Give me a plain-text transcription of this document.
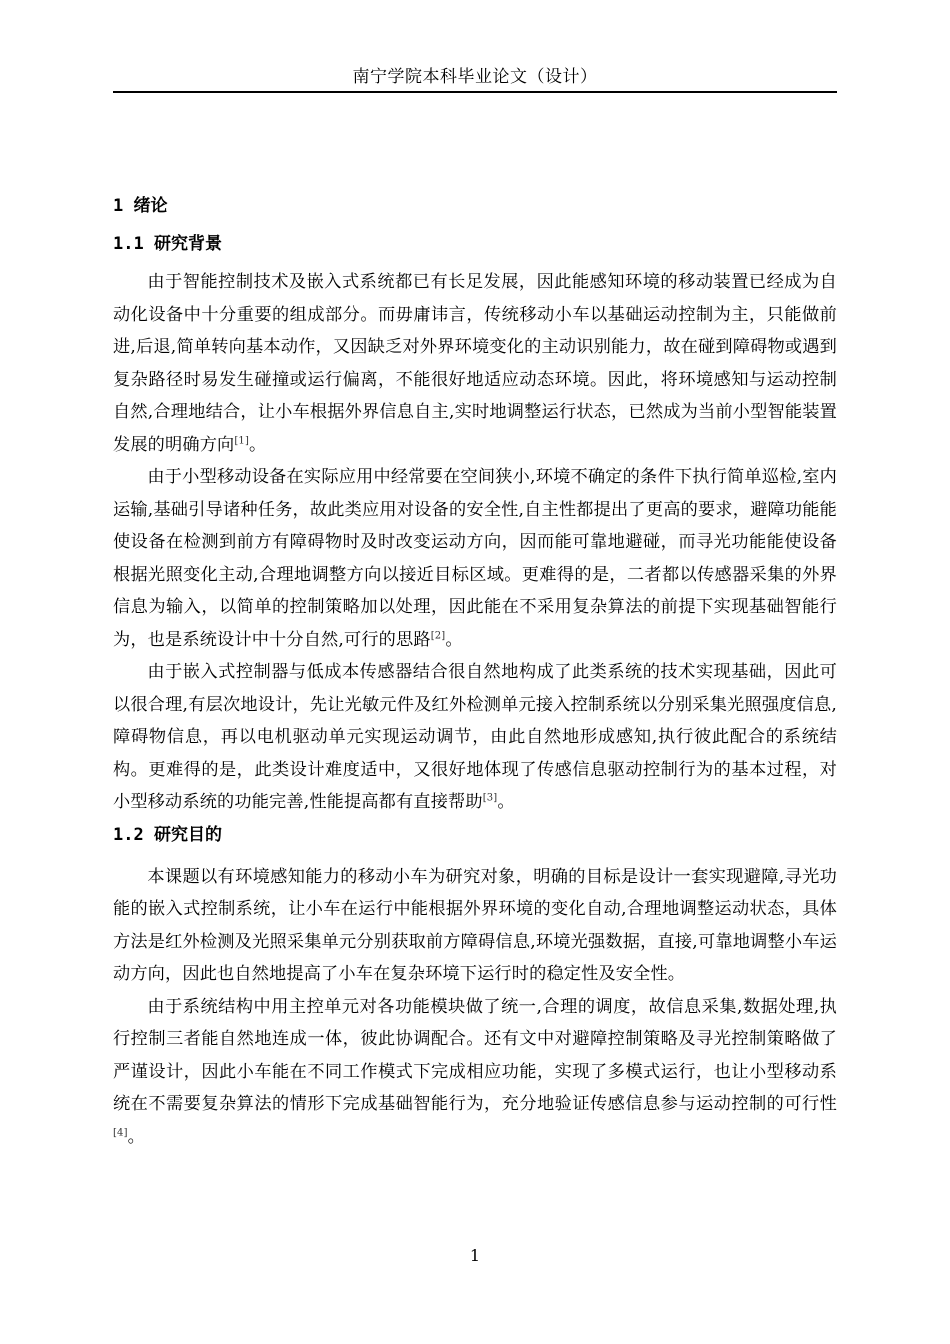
南宁学院本科毕业论文（设计）

1 绪论

1.1 研究背景

由于智能控制技术及嵌入式系统都已有长足发展，因此能感知环境的移动装置已经成为自动化设备中十分重要的组成部分。而毋庸讳言，传统移动小车以基础运动控制为主，只能做前进,后退,简单转向基本动作，又因缺乏对外界环境变化的主动识别能力，故在碰到障碍物或遇到复杂路径时易发生碰撞或运行偏离，不能很好地适应动态环境。因此，将环境感知与运动控制自然,合理地结合，让小车根据外界信息自主,实时地调整运行状态，已然成为当前小型智能装置发展的明确方向[1]。

由于小型移动设备在实际应用中经常要在空间狭小,环境不确定的条件下执行简单巡检,室内运输,基础引导诸种任务，故此类应用对设备的安全性,自主性都提出了更高的要求，避障功能能使设备在检测到前方有障碍物时及时改变运动方向，因而能可靠地避碰，而寻光功能能使设备根据光照变化主动,合理地调整方向以接近目标区域。更难得的是，二者都以传感器采集的外界信息为输入，以简单的控制策略加以处理，因此能在不采用复杂算法的前提下实现基础智能行为，也是系统设计中十分自然,可行的思路[2]。

由于嵌入式控制器与低成本传感器结合很自然地构成了此类系统的技术实现基础，因此可以很合理,有层次地设计，先让光敏元件及红外检测单元接入控制系统以分别采集光照强度信息,障碍物信息，再以电机驱动单元实现运动调节，由此自然地形成感知,执行彼此配合的系统结构。更难得的是，此类设计难度适中，又很好地体现了传感信息驱动控制行为的基本过程，对小型移动系统的功能完善,性能提高都有直接帮助[3]。

1.2 研究目的

本课题以有环境感知能力的移动小车为研究对象，明确的目标是设计一套实现避障,寻光功能的嵌入式控制系统，让小车在运行中能根据外界环境的变化自动,合理地调整运动状态，具体方法是红外检测及光照采集单元分别获取前方障碍信息,环境光强数据，直接,可靠地调整小车运动方向，因此也自然地提高了小车在复杂环境下运行时的稳定性及安全性。

由于系统结构中用主控单元对各功能模块做了统一,合理的调度，故信息采集,数据处理,执行控制三者能自然地连成一体，彼此协调配合。还有文中对避障控制策略及寻光控制策略做了严谨设计，因此小车能在不同工作模式下完成相应功能，实现了多模式运行，也让小型移动系统在不需要复杂算法的情形下完成基础智能行为，充分地验证传感信息参与运动控制的可行性[4]。

1
